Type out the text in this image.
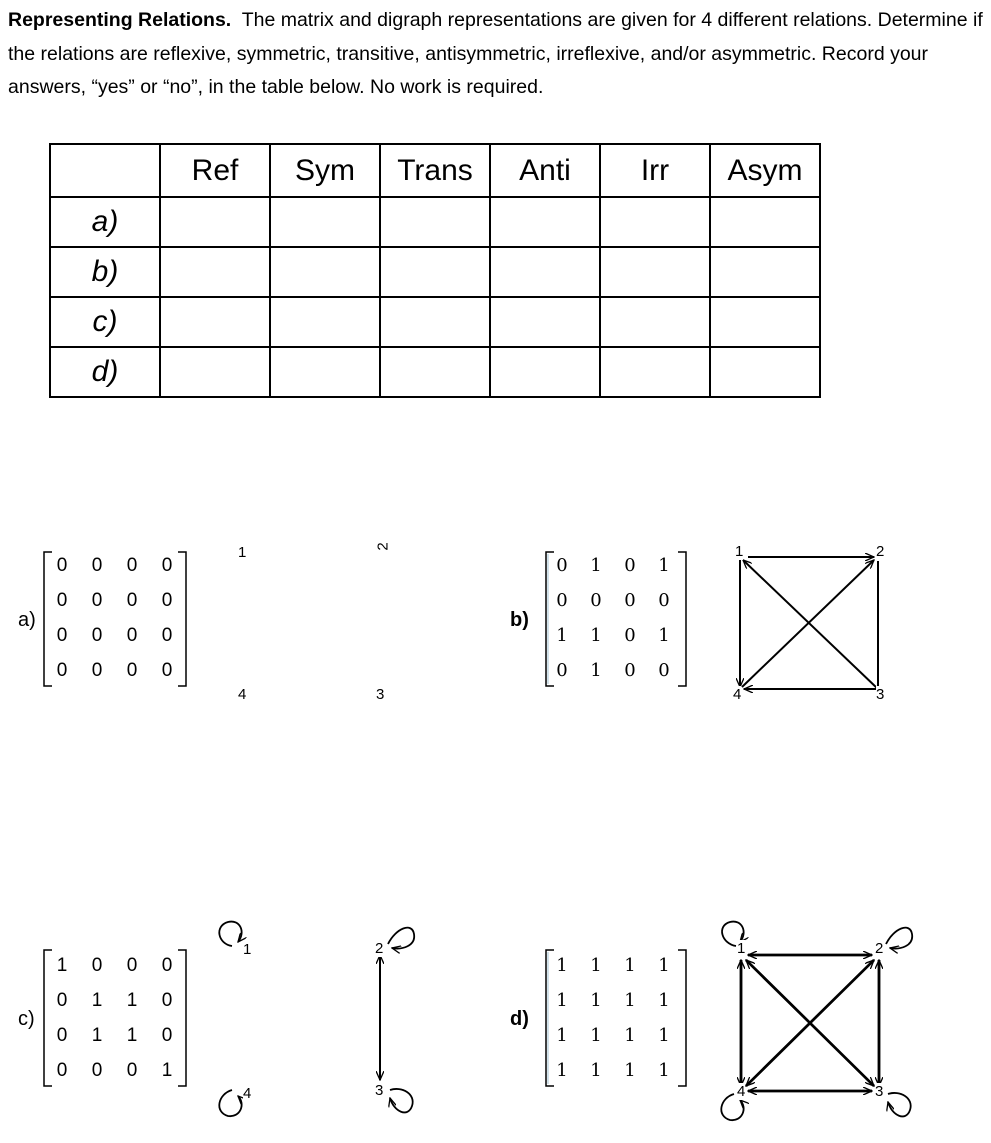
Representing Relations. The matrix and digraph representations are given for 4 different relations. Determine if the relations are reflexive, symmetric, transitive, antisymmetric, irreflexive, and/or asymmetric. Record your answers, “yes” or “no”, in the table below. No work is required.
	Ref	Sym	Trans	Anti	Irr	Asym
a)						
b)						
c)						
d)						
a)
0	0	0	0
0	0	0	0
0	0	0	0
0	0	0	0
1	2
3
4
b)
0	1	0	1
0	0	0	0
1	1	0	1
0	1	0	0
1	2
3
4
c)
1	0	0	0
0	1	1	0
0	1	1	0
0	0	0	1
1	2
3
4
d)
1	1	1	1
1	1	1	1
1	1	1	1
1	1	1	1
1	2
3
4
